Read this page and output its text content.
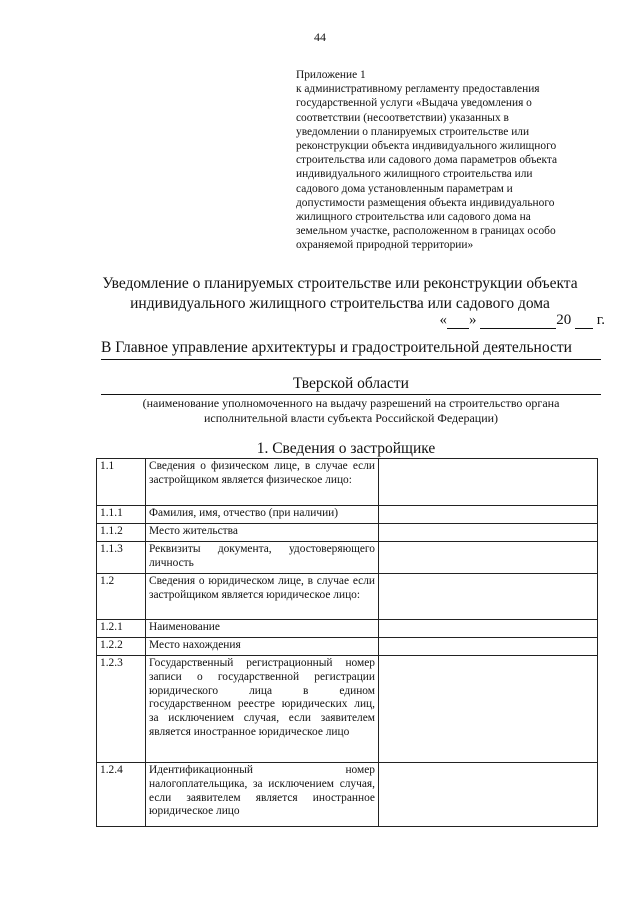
44
Приложение 1
к административному регламенту предоставления
государственной услуги «Выдача уведомления о
соответствии (несоответствии) указанных в
уведомлении о планируемых строительстве или
реконструкции объекта индивидуального жилищного
строительства или садового дома параметров объекта
индивидуального жилищного строительства или
садового дома установленным параметрам и
допустимости размещения объекта индивидуального
жилищного строительства или садового дома на
земельном участке, расположенном в границах особо
охраняемой природной территории»
Уведомление о планируемых строительстве или реконструкции объекта
индивидуального жилищного строительства или садового дома
« »	20 г.
В Главное управление архитектуры и градостроительной деятельности
Тверской области
(наименование уполномоченного на выдачу разрешений на строительство органа
исполнительной власти субъекта Российской Федерации)
1. Сведения о застройщике
1.1	Сведения о физическом лице, в случае если застройщиком является физическое лицо:	
1.1.1	Фамилия, имя, отчество (при наличии)	
1.1.2	Место жительства	
1.1.3	Реквизиты документа, удостоверяющего личность	
1.2	Сведения о юридическом лице, в случае если застройщиком является юридическое лицо:	
1.2.1	Наименование	
1.2.2	Место нахождения	
1.2.3	Государственный регистрационный номер записи о государственной регистрации юридического лица в едином государственном реестре юридических лиц, за исключением случая, если заявителем является иностранное юридическое лицо	
1.2.4	Идентификационный номер налогоплательщика, за исключением случая, если заявителем является иностранное юридическое лицо	
